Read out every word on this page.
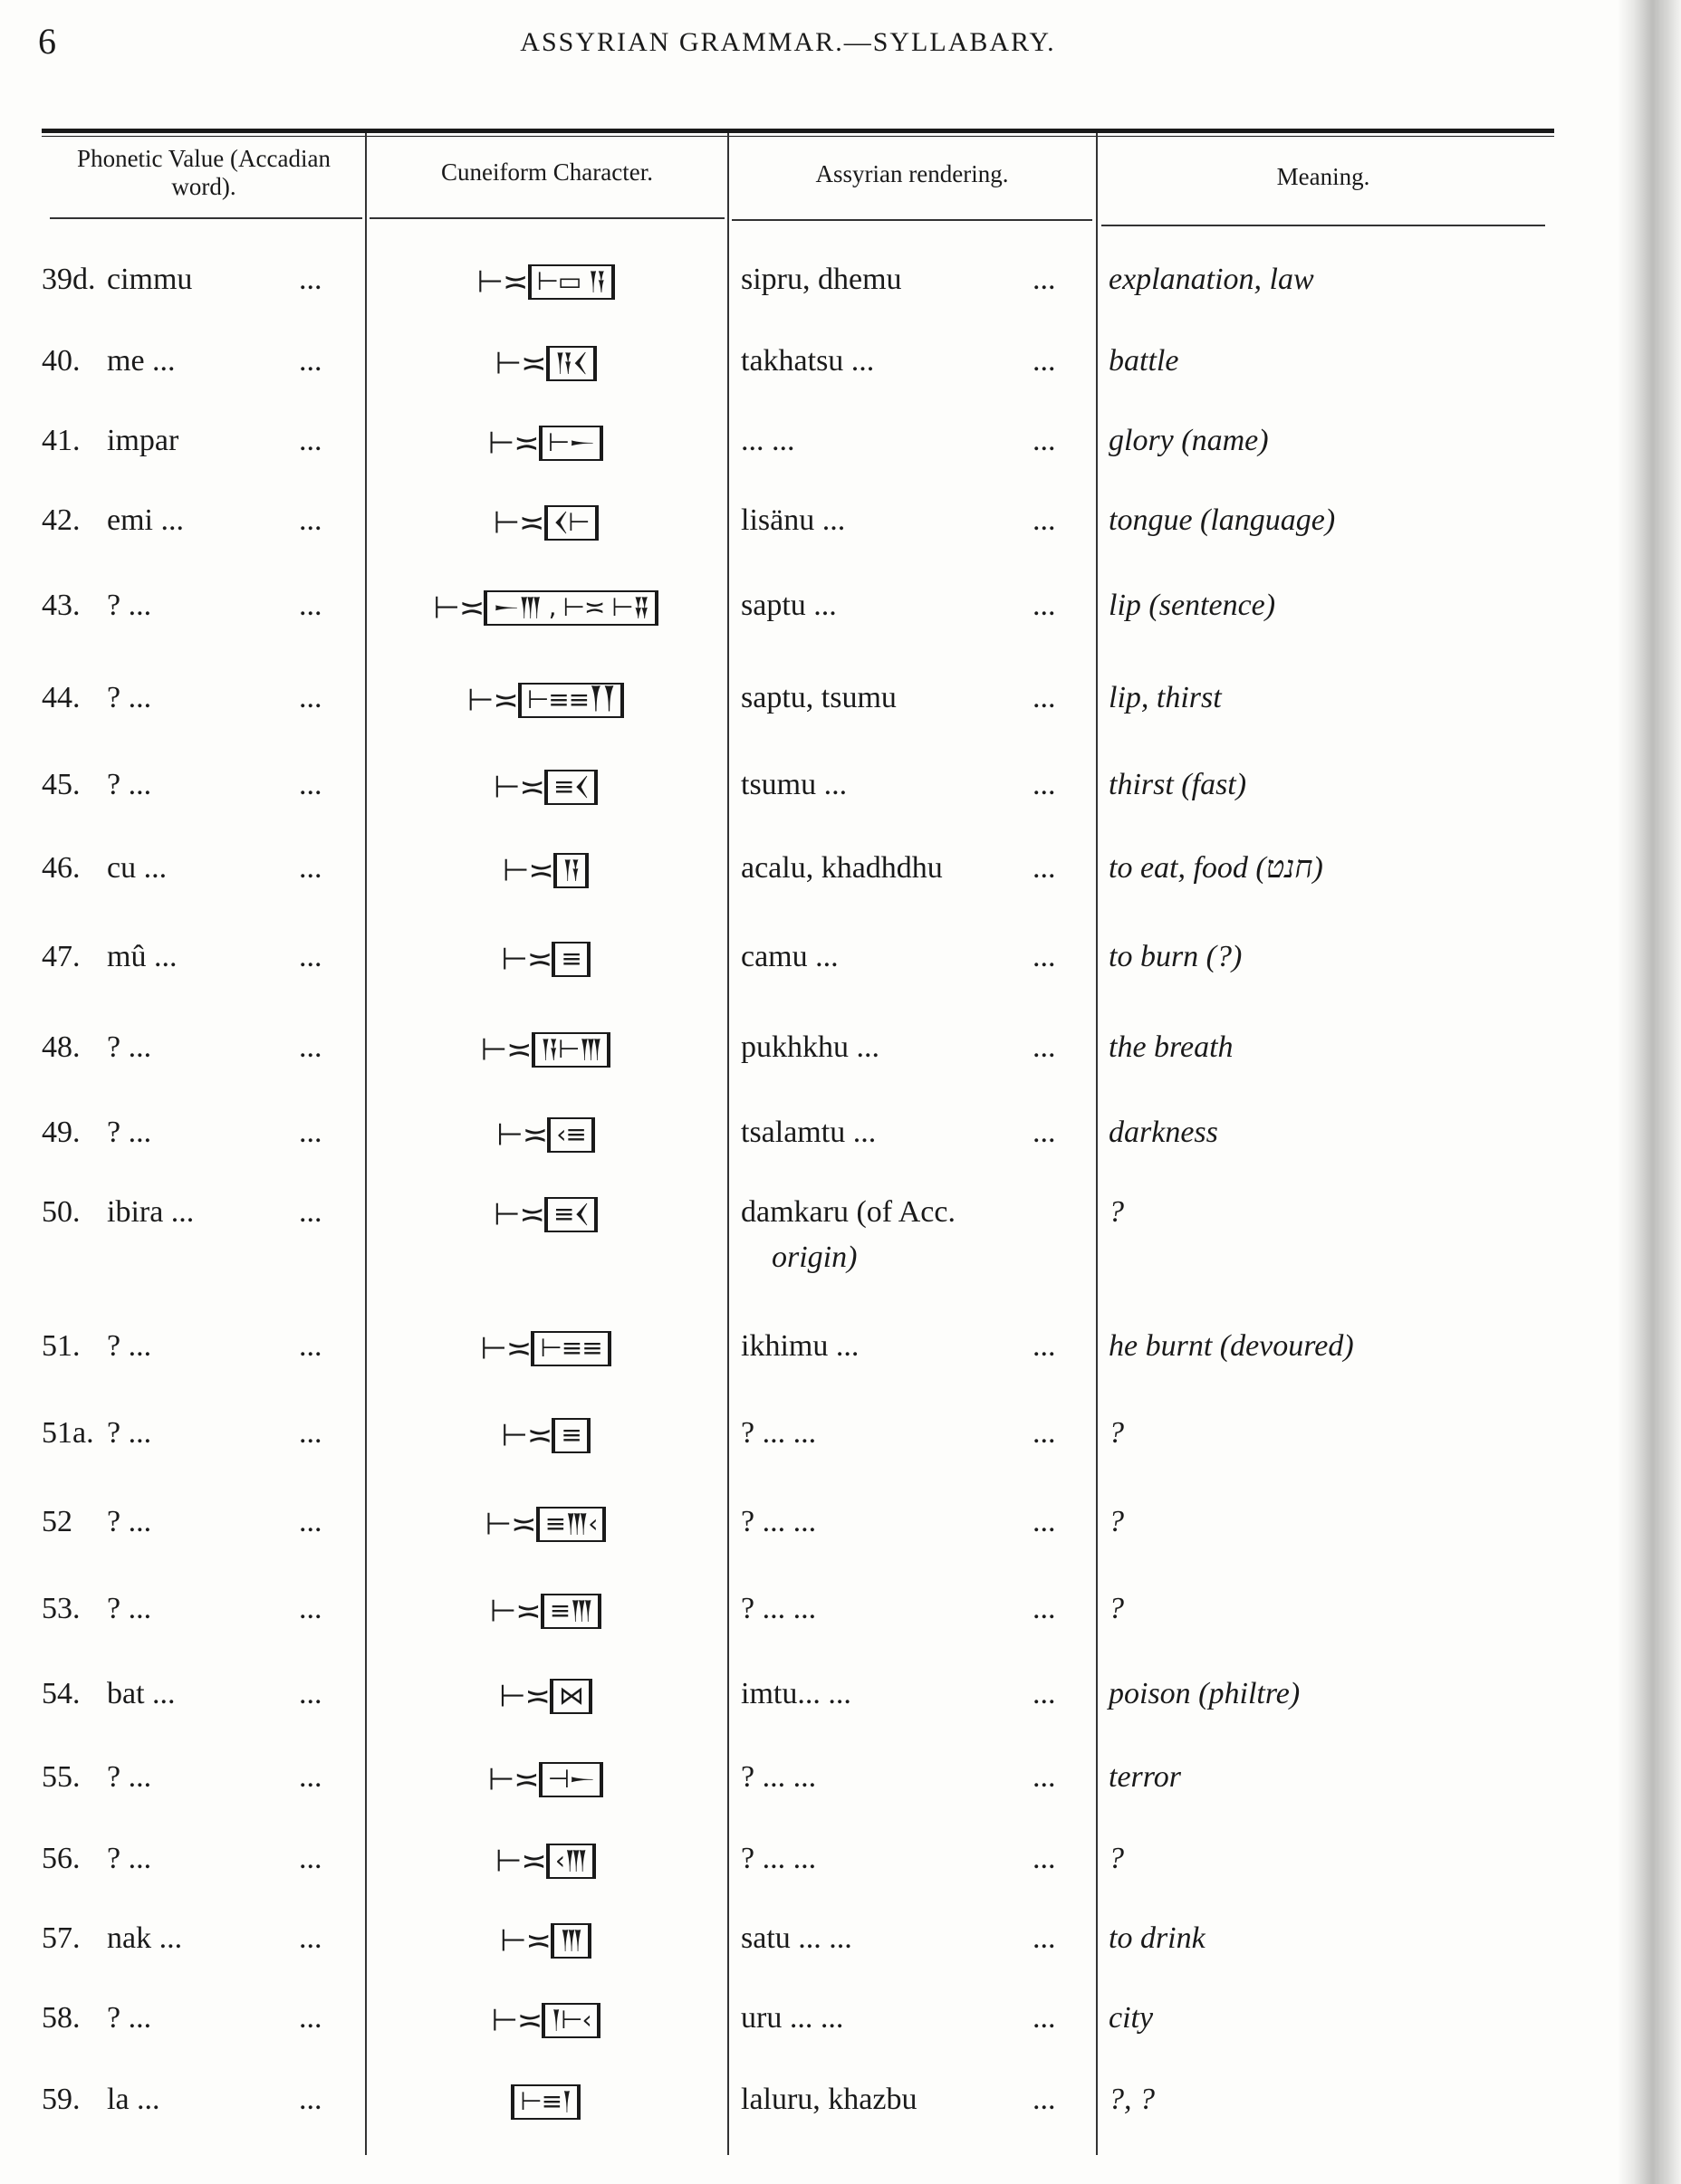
6	ASSYRIAN GRAMMAR.—SYLLABARY.
Phonetic Value (Accadian word).
Cuneiform Character.	Assyrian rendering.	Meaning.
39d. cimmu	...	⊢≍ ⊢▭ 𒀀	sipru, dhemu	...	explanation, law
40. me ...	...	⊢≍ 𒀀𒌋	takhatsu ...	...	battle
41. impar	...	⊢≍ ⊢𒀸	... ...	...	glory (name)
42. emi ...	...	⊢≍ 𒌋⊢	lisänu ...	...	tongue (language)
43. ? ...	...	⊢≍ 𒀸𒐈 , ⊢≍ ⊢𒐉	saptu ...	...	lip (sentence)
44. ? ...	...	⊢≍ ⊢≡≡𒐕𒐕	saptu, tsumu	...	lip, thirst
45. ? ...	...	⊢≍ ≡𒌋	tsumu ...	...	thirst (fast)
46. cu ...	...	⊢≍ 𒀀	acalu, khadhdhu	...	to eat, food (חנט)
47. mû ...	...	⊢≍ ≡	camu ...	...	to burn (?)
48. ? ...	...	⊢≍ 𒀀⊢𒐈	pukhkhu ...	...	the breath
49. ? ...	...	⊢≍ ‹≡	tsalamtu ...	...	darkness
50. ibira ...	...	⊢≍ ≡𒌋	damkaru (of Acc.
origin)
?
51. ? ...	...	⊢≍ ⊢≡≡	ikhimu ...	...	he burnt (devoured)
51a. ? ...	...	⊢≍ ≡	? ... ...	...	?
52	? ...	...	⊢≍ ≡𒐈‹	? ... ...	...	?
53. ? ...	...	⊢≍ ≡𒐈	? ... ...	...	?
54. bat ...	...	⊢≍ ⋈	imtu... ...	...	poison (philtre)
55. ? ...	...	⊢≍ ⊣𒀸	? ... ...	...	terror
56. ? ...	...	⊢≍ ‹𒐈	? ... ...	...	?
57. nak ...	...	⊢≍ 𒐈	satu ... ...	...	to drink
58. ? ...	...	⊢≍ 𒁹⊢‹	uru ... ...	...	city
59. la ...	...	⊢≡𒁹	laluru, khazbu	...	?, ?
